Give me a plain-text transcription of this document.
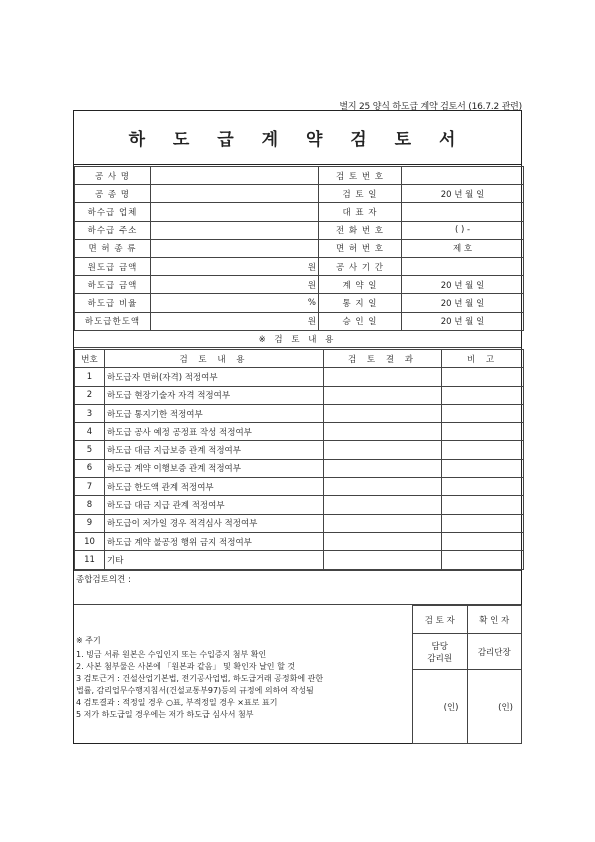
별지 25 양식 하도급 계약 검토서 (16.7.2 관련)
하 도 급 계 약 검 토 서
공 사 명		검 토 번 호	
공 종 명		검 토 일	20 년 월 일
하수급 업체		대 표 자	
하수급 주소		전 화 번 호	( ) -
면 허 종 류		면 허 번 호	제 호
원도급 금액	원	공 사 기 간	
하도급 금액	원	계 약 일	20 년 월 일
하도급 비율	%	통 지 일	20 년 월 일
하도급한도액	원	승 인 일	20 년 월 일
※ 검 토 내 용
번호	검 토 내 용	검 토 결 과	비 고
1	하도급자 면허(자격) 적정여부		
2	하도급 현장기술자 자격 적정여부		
3	하도급 통지기한 적정여부		
4	하도급 공사 예정 공정표 작성 적정여부		
5	하도급 대금 지급보증 관계 적정여부		
6	하도급 계약 이행보증 관계 적정여부		
7	하도급 한도액 관계 적정여부		
8	하도급 대금 지급 관계 적정여부		
9	하도급이 저가일 경우 적격심사 적정여부		
10	하도급 계약 불공정 행위 금지 적정여부		
11	기타		
종합검토의견 :
※ 주기
1. 빙금 서류 원본은 수입인지 또는 수입증지 첨부 확인
2. 사본 첨부물은 사본에 「원본과 같음」 및 확인자 날인 할 것
3 검토근거 : 건설산업기본법, 전기공사업법, 하도급거래 공정화에 관한
법률, 감리업무수행지침서(건설교통부97)등의 규정에 의하여 작성됨
4 검토결과 : 적정일 경우 ○표, 부적정일 경우 ×표로 표기
5 저가 하도급일 경우에는 저가 하도급 심사서 첨부
검 토 자	확 인 자

담당
감리원	감리단장
(인)	(인)
